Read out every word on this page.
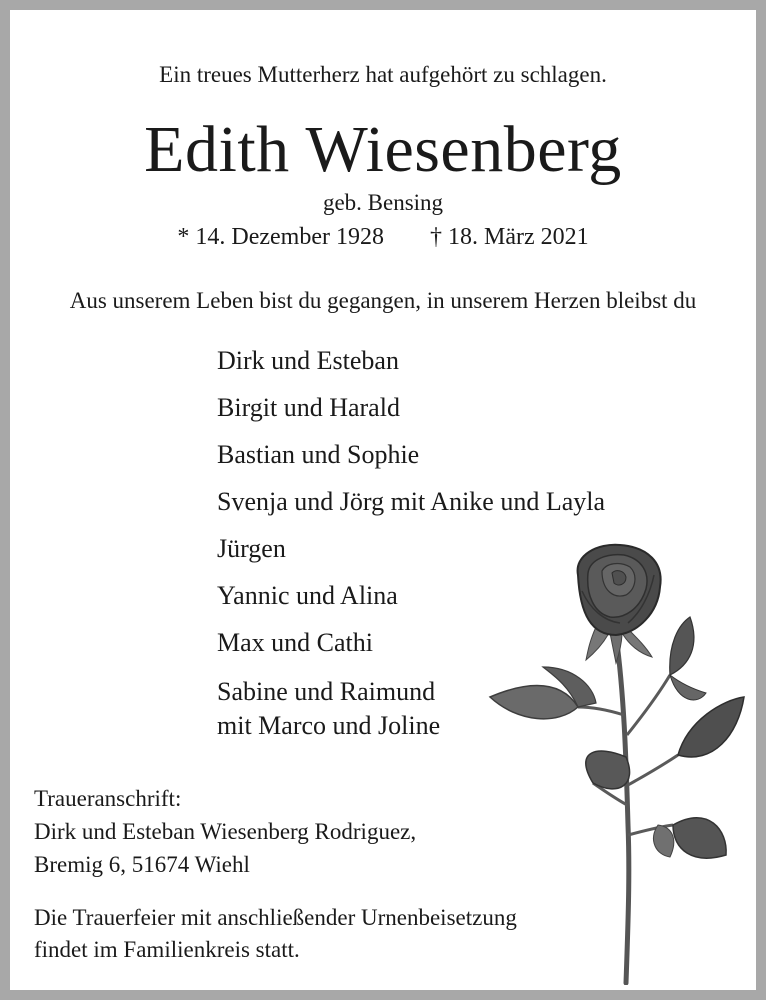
Ein treues Mutterherz hat aufgehört zu schlagen.
Edith Wiesenberg
geb. Bensing
* 14. Dezember 1928 † 18. März 2021
Aus unserem Leben bist du gegangen, in unserem Herzen bleibst du
Dirk und Esteban
Birgit und Harald
Bastian und Sophie
Svenja und Jörg mit Anike und Layla
Jürgen
Yannic und Alina
Max und Cathi
Sabine und Raimund
mit Marco und Joline
Traueranschrift:
Dirk und Esteban Wiesenberg Rodriguez,
Bremig 6, 51674 Wiehl
Die Trauerfeier mit anschließender Urnenbeisetzung
findet im Familienkreis statt.
